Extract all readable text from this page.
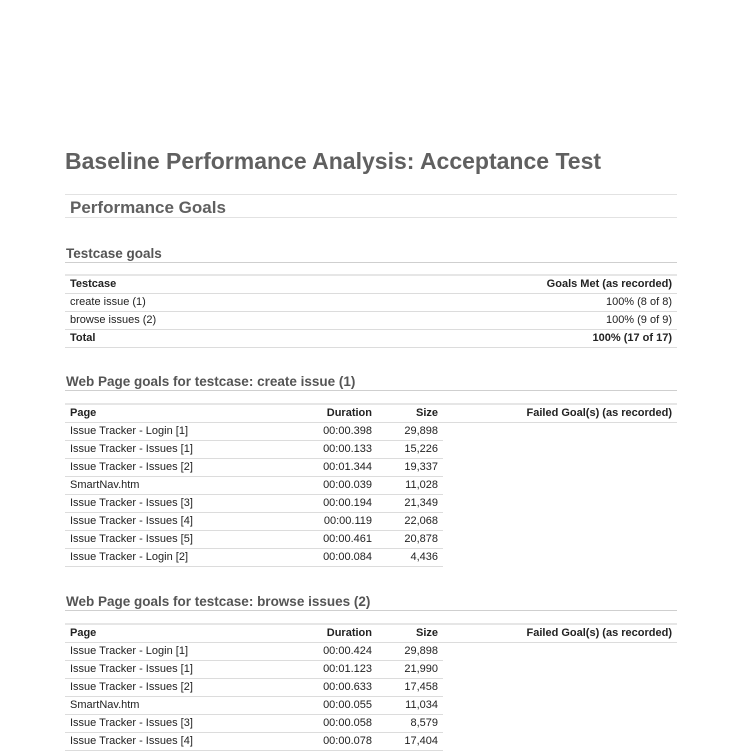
Baseline Performance Analysis: Acceptance Test
Performance Goals
Testcase goals
Testcase	Goals Met (as recorded)
create issue (1)	100% (8 of 8)
browse issues (2)	100% (9 of 9)
Total	100% (17 of 17)
Web Page goals for testcase: create issue (1)
Page	Duration	Size	Failed Goal(s) (as recorded)
Issue Tracker - Login [1]	00:00.398	29,898	
Issue Tracker - Issues [1]	00:00.133	15,226	
Issue Tracker - Issues [2]	00:01.344	19,337	
SmartNav.htm	00:00.039	11,028	
Issue Tracker - Issues [3]	00:00.194	21,349	
Issue Tracker - Issues [4]	00:00.119	22,068	
Issue Tracker - Issues [5]	00:00.461	20,878	
Issue Tracker - Login [2]	00:00.084	4,436	
Web Page goals for testcase: browse issues (2)
Page	Duration	Size	Failed Goal(s) (as recorded)
Issue Tracker - Login [1]	00:00.424	29,898	
Issue Tracker - Issues [1]	00:01.123	21,990	
Issue Tracker - Issues [2]	00:00.633	17,458	
SmartNav.htm	00:00.055	11,034	
Issue Tracker - Issues [3]	00:00.058	8,579	
Issue Tracker - Issues [4]	00:00.078	17,404	
